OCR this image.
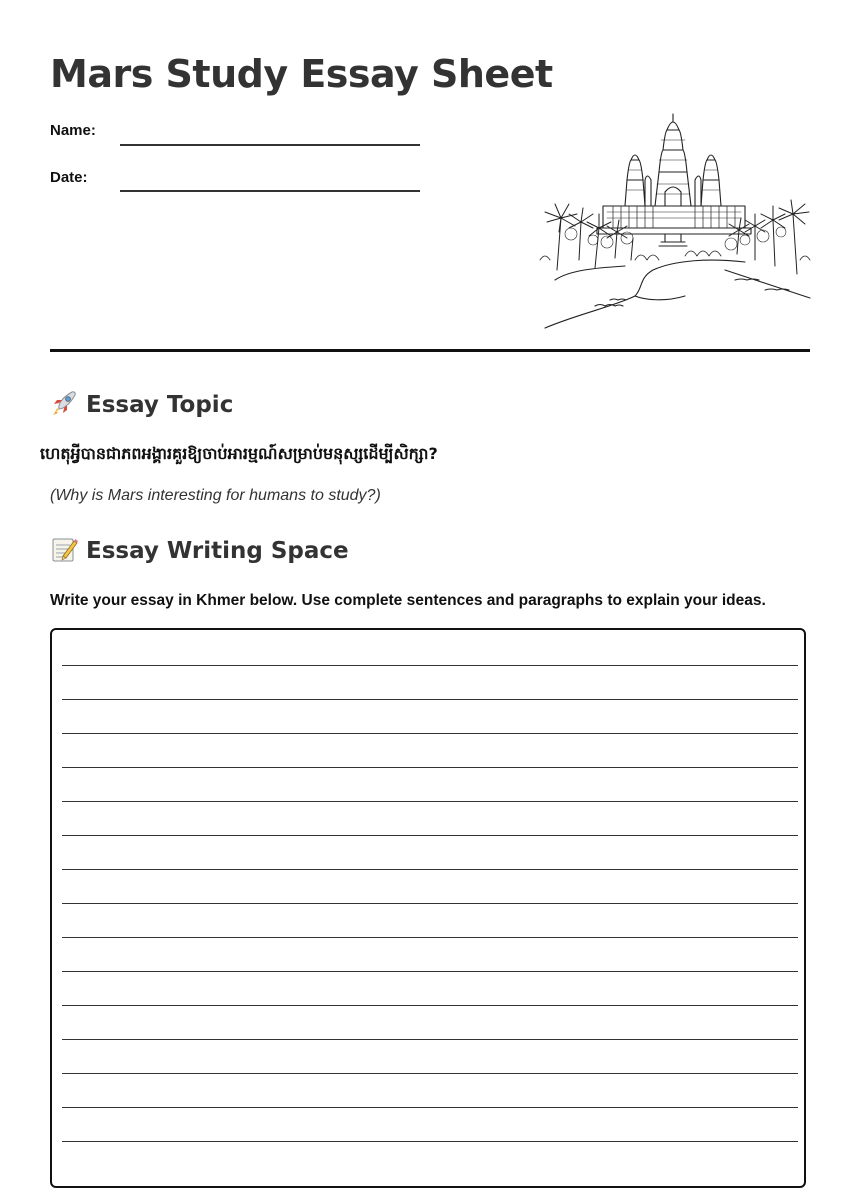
Mars Study Essay Sheet
Name:
Date:
Essay Topic
ហេតុអ្វីបានជាភពអង្គារគួរឱ្យចាប់អារម្មណ៍សម្រាប់មនុស្សដើម្បីសិក្សា?
(Why is Mars interesting for humans to study?)
Essay Writing Space
Write your essay in Khmer below. Use complete sentences and paragraphs to explain your ideas.
